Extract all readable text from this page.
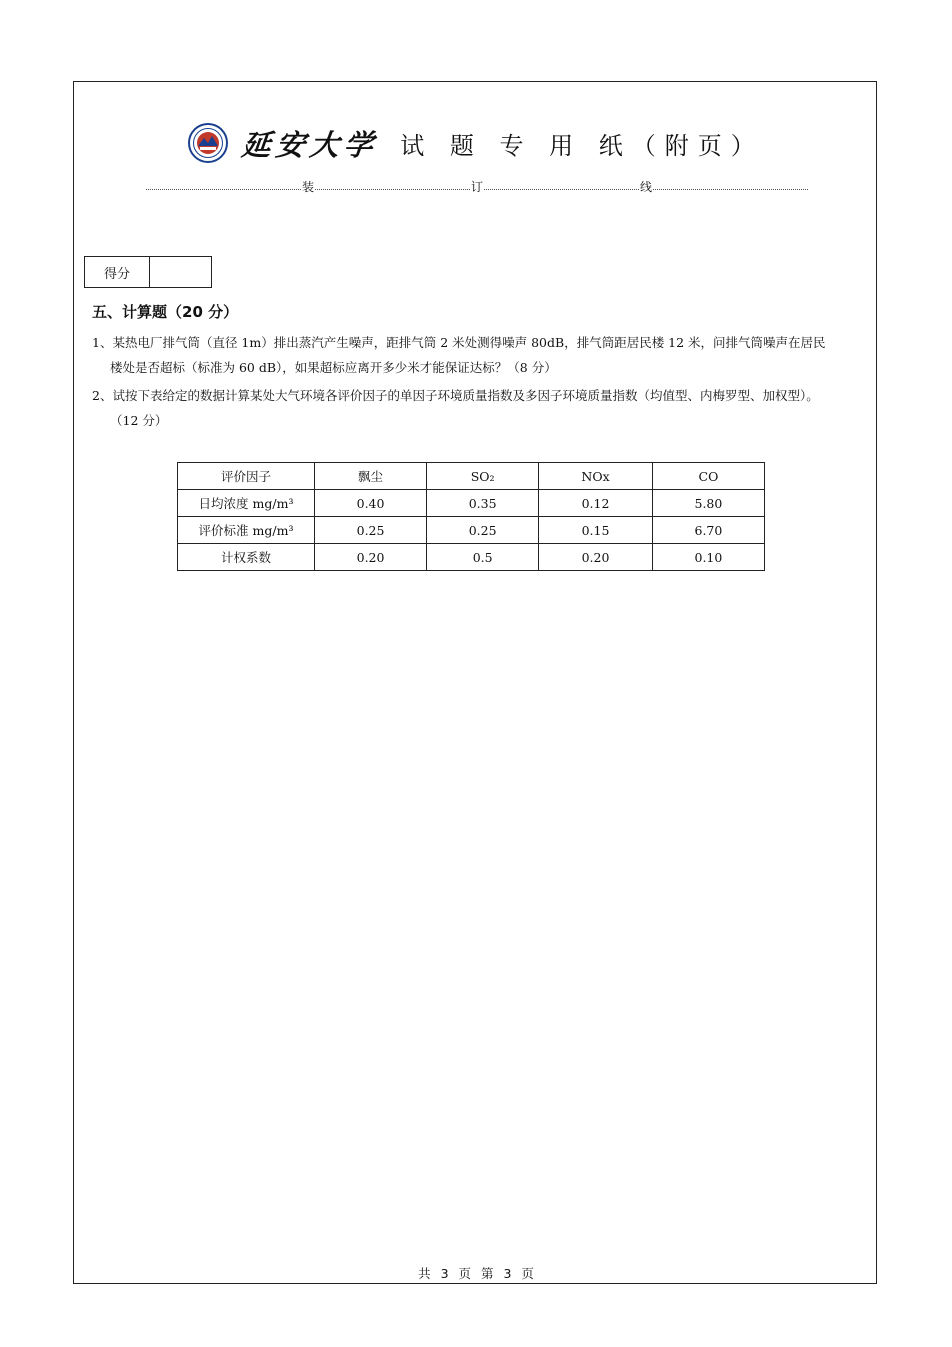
延安大学 试 题 专 用 纸（附页）
装	订	线
得分
五、计算题（20 分）
1、某热电厂排气筒（直径 1m）排出蒸汽产生噪声，距排气筒 2 米处测得噪声 80dB，排气筒距居民楼 12 米，问排气筒噪声在居民
楼处是否超标（标准为 60 dB），如果超标应离开多少米才能保证达标？（8 分）
2、试按下表给定的数据计算某处大气环境各评价因子的单因子环境质量指数及多因子环境质量指数（均值型、内梅罗型、加权型）。
（12 分）
评价因子	飘尘	SO₂	NOx	CO
日均浓度 mg/m³	0.40	0.35	0.12	5.80
评价标准 mg/m³	0.25	0.25	0.15	6.70
计权系数	0.20	0.5	0.20	0.10
共 3 页 第 3 页
